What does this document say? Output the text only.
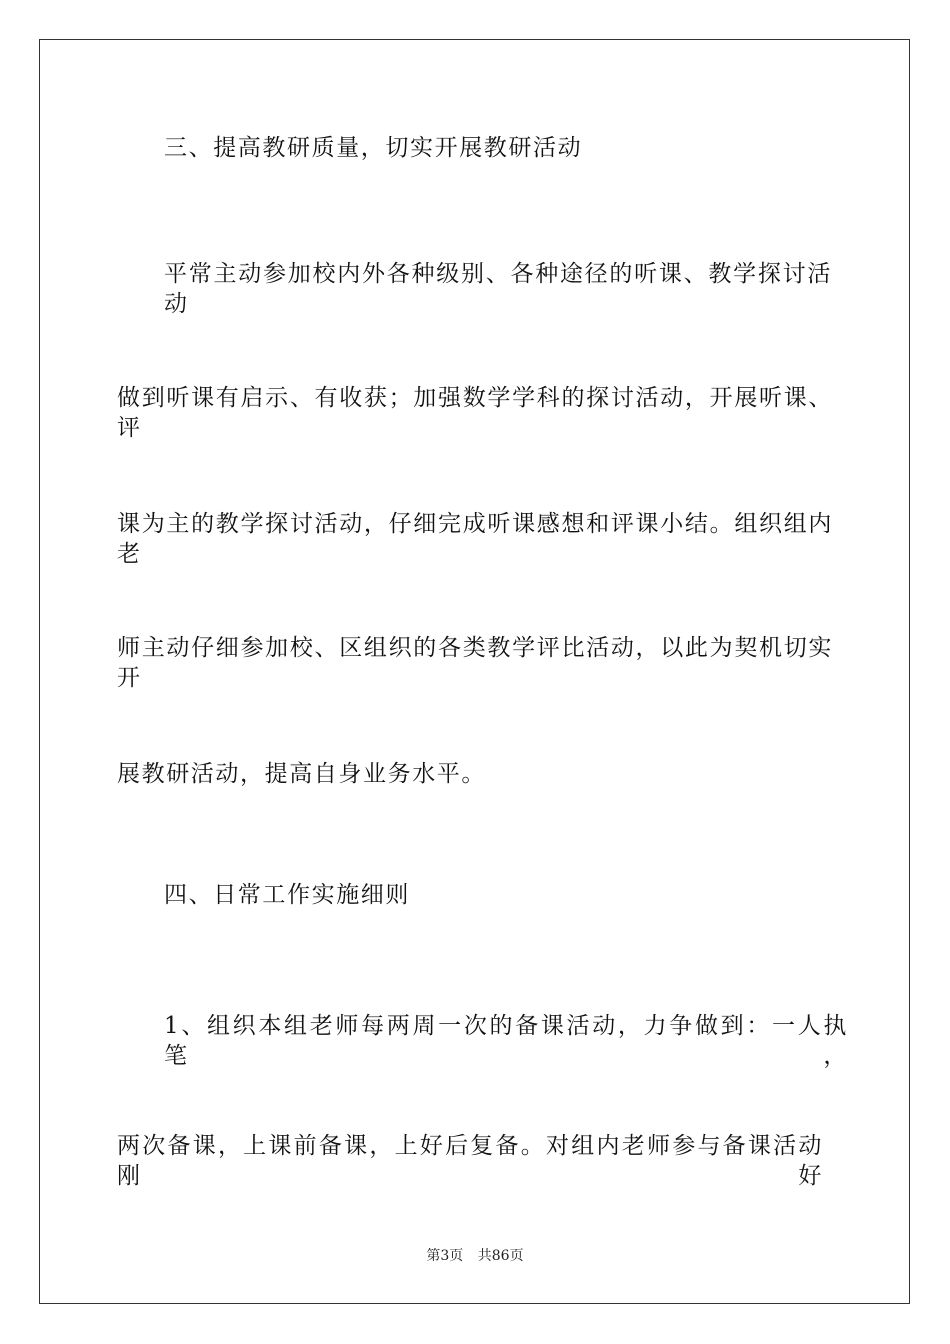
三、提高教研质量，切实开展教研活动
平常主动参加校内外各种级别、各种途径的听课、教学探讨活动
做到听课有启示、有收获；加强数学学科的探讨活动，开展听课、评
课为主的教学探讨活动，仔细完成听课感想和评课小结。组织组内老
师主动仔细参加校、区组织的各类教学评比活动，以此为契机切实开
展教研活动，提高自身业务水平。
四、日常工作实施细则
1、组织本组老师每两周一次的备课活动，力争做到：一人执笔，
两次备课，上课前备课，上好后复备。对组内老师参与备课活动刚好
第3页 共86页
